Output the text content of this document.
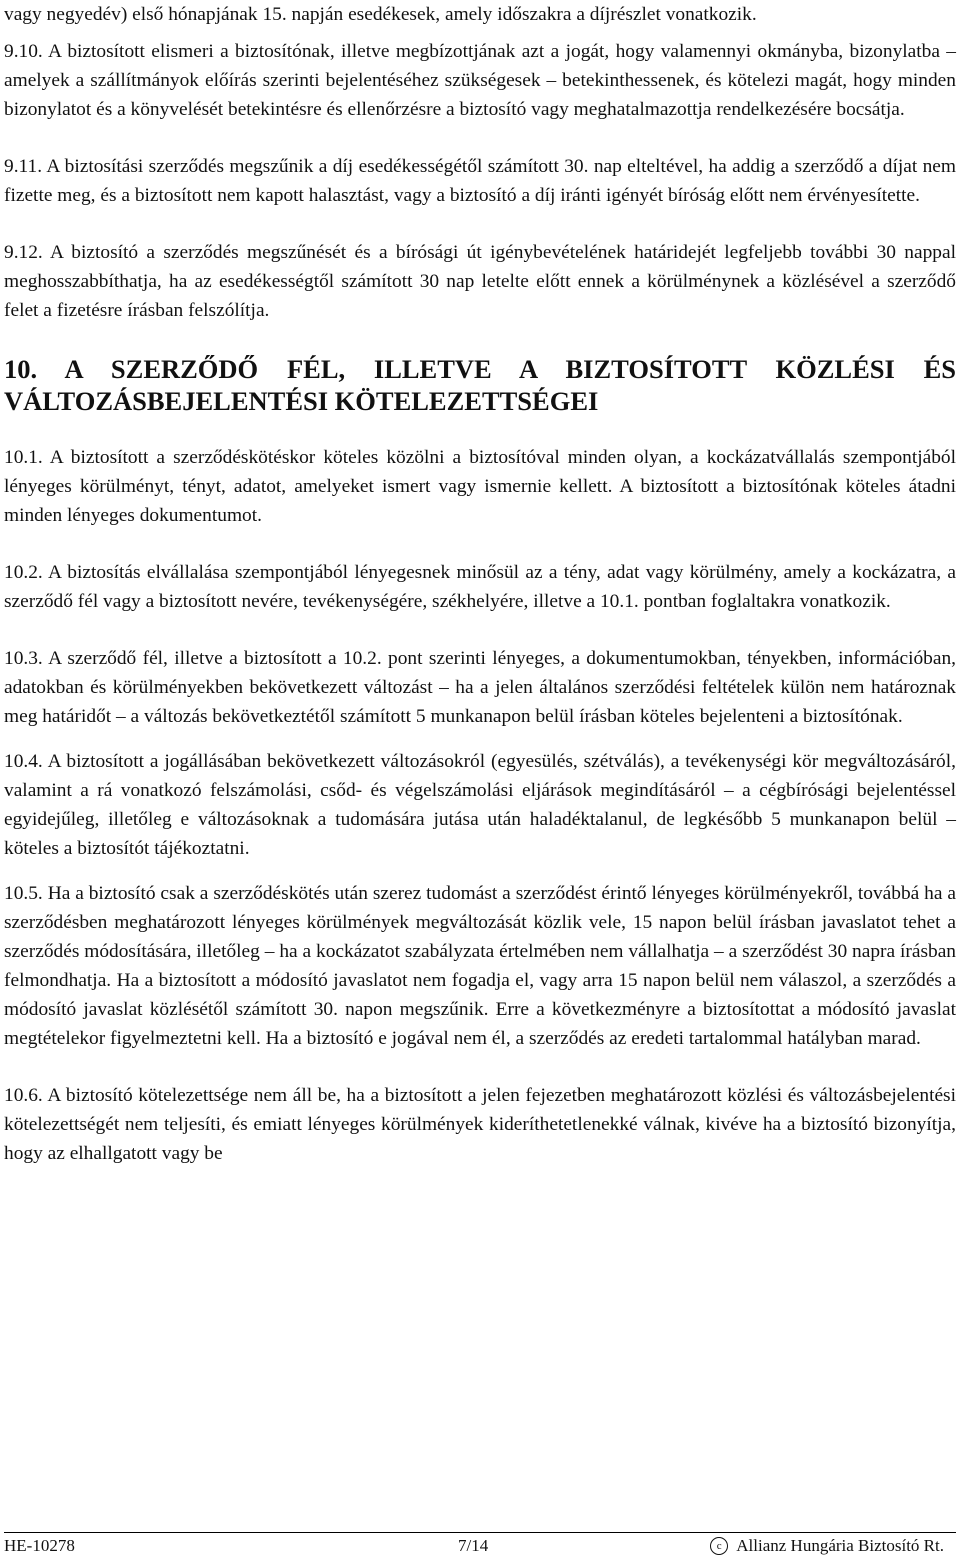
vagy negyedév) első hónapjának 15. napján esedékesek, amely időszakra a díjrészlet vonatkozik.

9.10. A biztosított elismeri a biztosítónak, illetve megbízottjának azt a jogát, hogy valamennyi okmányba, bizonylatba – amelyek a szállítmányok előírás szerinti bejelentéséhez szükségesek – betekinthessenek, és kötelezi magát, hogy minden bizonylatot és a könyvelését betekintésre és ellenőrzésre a biztosító vagy meghatalmazottja rendelkezésére bocsátja.

9.11. A biztosítási szerződés megszűnik a díj esedékességétől számított 30. nap elteltével, ha addig a szerződő a díjat nem fizette meg, és a biztosított nem kapott halasztást, vagy a biztosító a díj iránti igényét bíróság előtt nem érvényesítette.

9.12. A biztosító a szerződés megszűnését és a bírósági út igénybevételének határidejét legfeljebb további 30 nappal meghosszabbíthatja, ha az esedékességtől számított 30 nap letelte előtt ennek a körülménynek a közlésével a szerződő felet a fizetésre írásban felszólítja.

10. A SZERZŐDŐ FÉL, ILLETVE A BIZTOSÍTOTT KÖZLÉSI ÉS VÁLTOZÁSBEJELENTÉSI KÖTELEZETTSÉGEI

10.1. A biztosított a szerződéskötéskor köteles közölni a biztosítóval minden olyan, a kockázatvállalás szempontjából lényeges körülményt, tényt, adatot, amelyeket ismert vagy ismernie kellett. A biztosított a biztosítónak köteles átadni minden lényeges dokumentumot.

10.2. A biztosítás elvállalása szempontjából lényegesnek minősül az a tény, adat vagy körülmény, amely a kockázatra, a szerződő fél vagy a biztosított nevére, tevékenységére, székhelyére, illetve a 10.1. pontban foglaltakra vonatkozik.

10.3. A szerződő fél, illetve a biztosított a 10.2. pont szerinti lényeges, a dokumentumokban, tényekben, információban, adatokban és körülményekben bekövetkezett változást – ha a jelen általános szerződési feltételek külön nem határoznak meg határidőt – a változás bekövetkeztétől számított 5 munkanapon belül írásban köteles bejelenteni a biztosítónak.

10.4. A biztosított a jogállásában bekövetkezett változásokról (egyesülés, szétválás), a tevékenységi kör megváltozásáról, valamint a rá vonatkozó felszámolási, csőd- és végelszámolási eljárások megindításáról – a cégbírósági bejelentéssel egyidejűleg, illetőleg e változásoknak a tudomására jutása után haladéktalanul, de legkésőbb 5 munkanapon belül – köteles a biztosítót tájékoztatni.

10.5. Ha a biztosító csak a szerződéskötés után szerez tudomást a szerződést érintő lényeges körülményekről, továbbá ha a szerződésben meghatározott lényeges körülmények megváltozását közlik vele, 15 napon belül írásban javaslatot tehet a szerződés módosítására, illetőleg – ha a kockázatot szabályzata értelmében nem vállalhatja – a szerződést 30 napra írásban felmondhatja. Ha a biztosított a módosító javaslatot nem fogadja el, vagy arra 15 napon belül nem válaszol, a szerződés a módosító javaslat közlésétől számított 30. napon megszűnik. Erre a következményre a biztosítottat a módosító javaslat megtételekor figyelmeztetni kell. Ha a biztosító e jogával nem él, a szerződés az eredeti tartalommal hatályban marad.

10.6. A biztosító kötelezettsége nem áll be, ha a biztosított a jelen fejezetben meghatározott közlési és változásbejelentési kötelezettségét nem teljesíti, és emiatt lényeges körülmények kideríthetetlenekké válnak, kivéve ha a biztosító bizonyítja, hogy az elhallgatott vagy be

HE-10278	7/14	c Allianz Hungária Biztosító Rt.
